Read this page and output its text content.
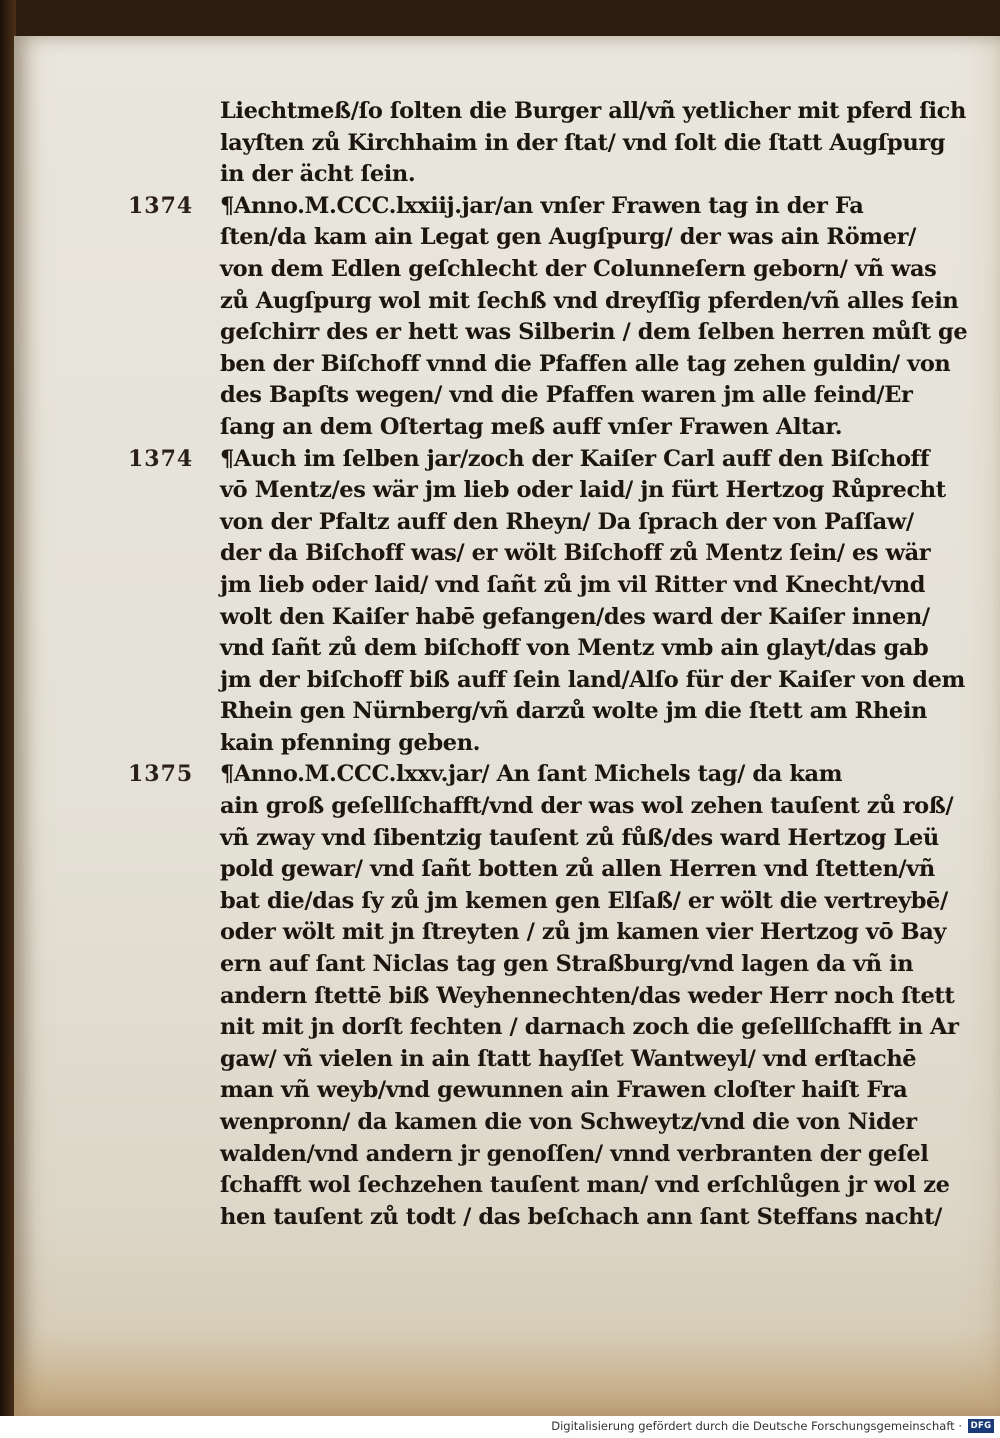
Liechtmeß/ſo ſolten die Burger all/vñ yetlicher mit pferd ſich
layſten zů Kirchhaim in der ſtat/ vnd ſolt die ſtatt Augſpurg
in der ächt ſein.
1374 ¶Anno.M.CCC.lxxiij.jar/an vnſer Frawen tag in der Fa
ſten/da kam ain Legat gen Augſpurg/ der was ain Römer/
von dem Edlen geſchlecht der Colunneſern geborn/ vñ was
zů Augſpurg wol mit ſechß vnd dreyſſig pferden/vñ alles ſein
geſchirr des er hett was Silberin / dem ſelben herren můſt ge
ben der Biſchoff vnnd die Pfaffen alle tag zehen guldin/ von
des Bapſts wegen/ vnd die Pfaffen waren jm alle feind/Er
ſang an dem Oſtertag meß auff vnſer Frawen Altar.
1374 ¶Auch im ſelben jar/zoch der Kaiſer Carl auff den Biſchoff
vō Mentz/es wär jm lieb oder laid/ jn fürt Hertzog Růprecht
von der Pfaltz auff den Rheyn/ Da ſprach der von Paſſaw/
der da Biſchoff was/ er wölt Biſchoff zů Mentz ſein/ es wär
jm lieb oder laid/ vnd ſañt zů jm vil Ritter vnd Knecht/vnd
wolt den Kaiſer habē gefangen/des ward der Kaiſer innen/
vnd ſañt zů dem biſchoff von Mentz vmb ain glayt/das gab
jm der biſchoff biß auff ſein land/Alſo für der Kaiſer von dem
Rhein gen Nürnberg/vñ darzů wolte jm die ſtett am Rhein
kain pfenning geben.
1375 ¶Anno.M.CCC.lxxv.jar/ An ſant Michels tag/ da kam
ain groß geſellſchafft/vnd der was wol zehen tauſent zů roß/
vñ zway vnd ſibentzig tauſent zů fůß/des ward Hertzog Leü
pold gewar/ vnd ſañt botten zů allen Herren vnd ſtetten/vñ
bat die/das ſy zů jm kemen gen Elſaß/ er wölt die vertreybē/
oder wölt mit jn ſtreyten / zů jm kamen vier Hertzog vō Bay
ern auf ſant Niclas tag gen Straßburg/vnd lagen da vñ in
andern ſtettē biß Weyhennechten/das weder Herr noch ſtett
nit mit jn dorſt fechten / darnach zoch die geſellſchafft in Ar
gaw/ vñ vielen in ain ſtatt hayſſet Wantweyl/ vnd erſtachē
man vñ weyb/vnd gewunnen ain Frawen cloſter haiſt Fra
wenpronn/ da kamen die von Schweytz/vnd die von Nider
walden/vnd andern jr genoſſen/ vnnd verbranten der geſel
ſchafft wol ſechzehen tauſent man/ vnd erſchlůgen jr wol ze
hen tauſent zů todt / das beſchach ann ſant Steffans nacht/
Digitalisierung gefördert durch die Deutsche Forschungsgemeinschaft ·	DFG
